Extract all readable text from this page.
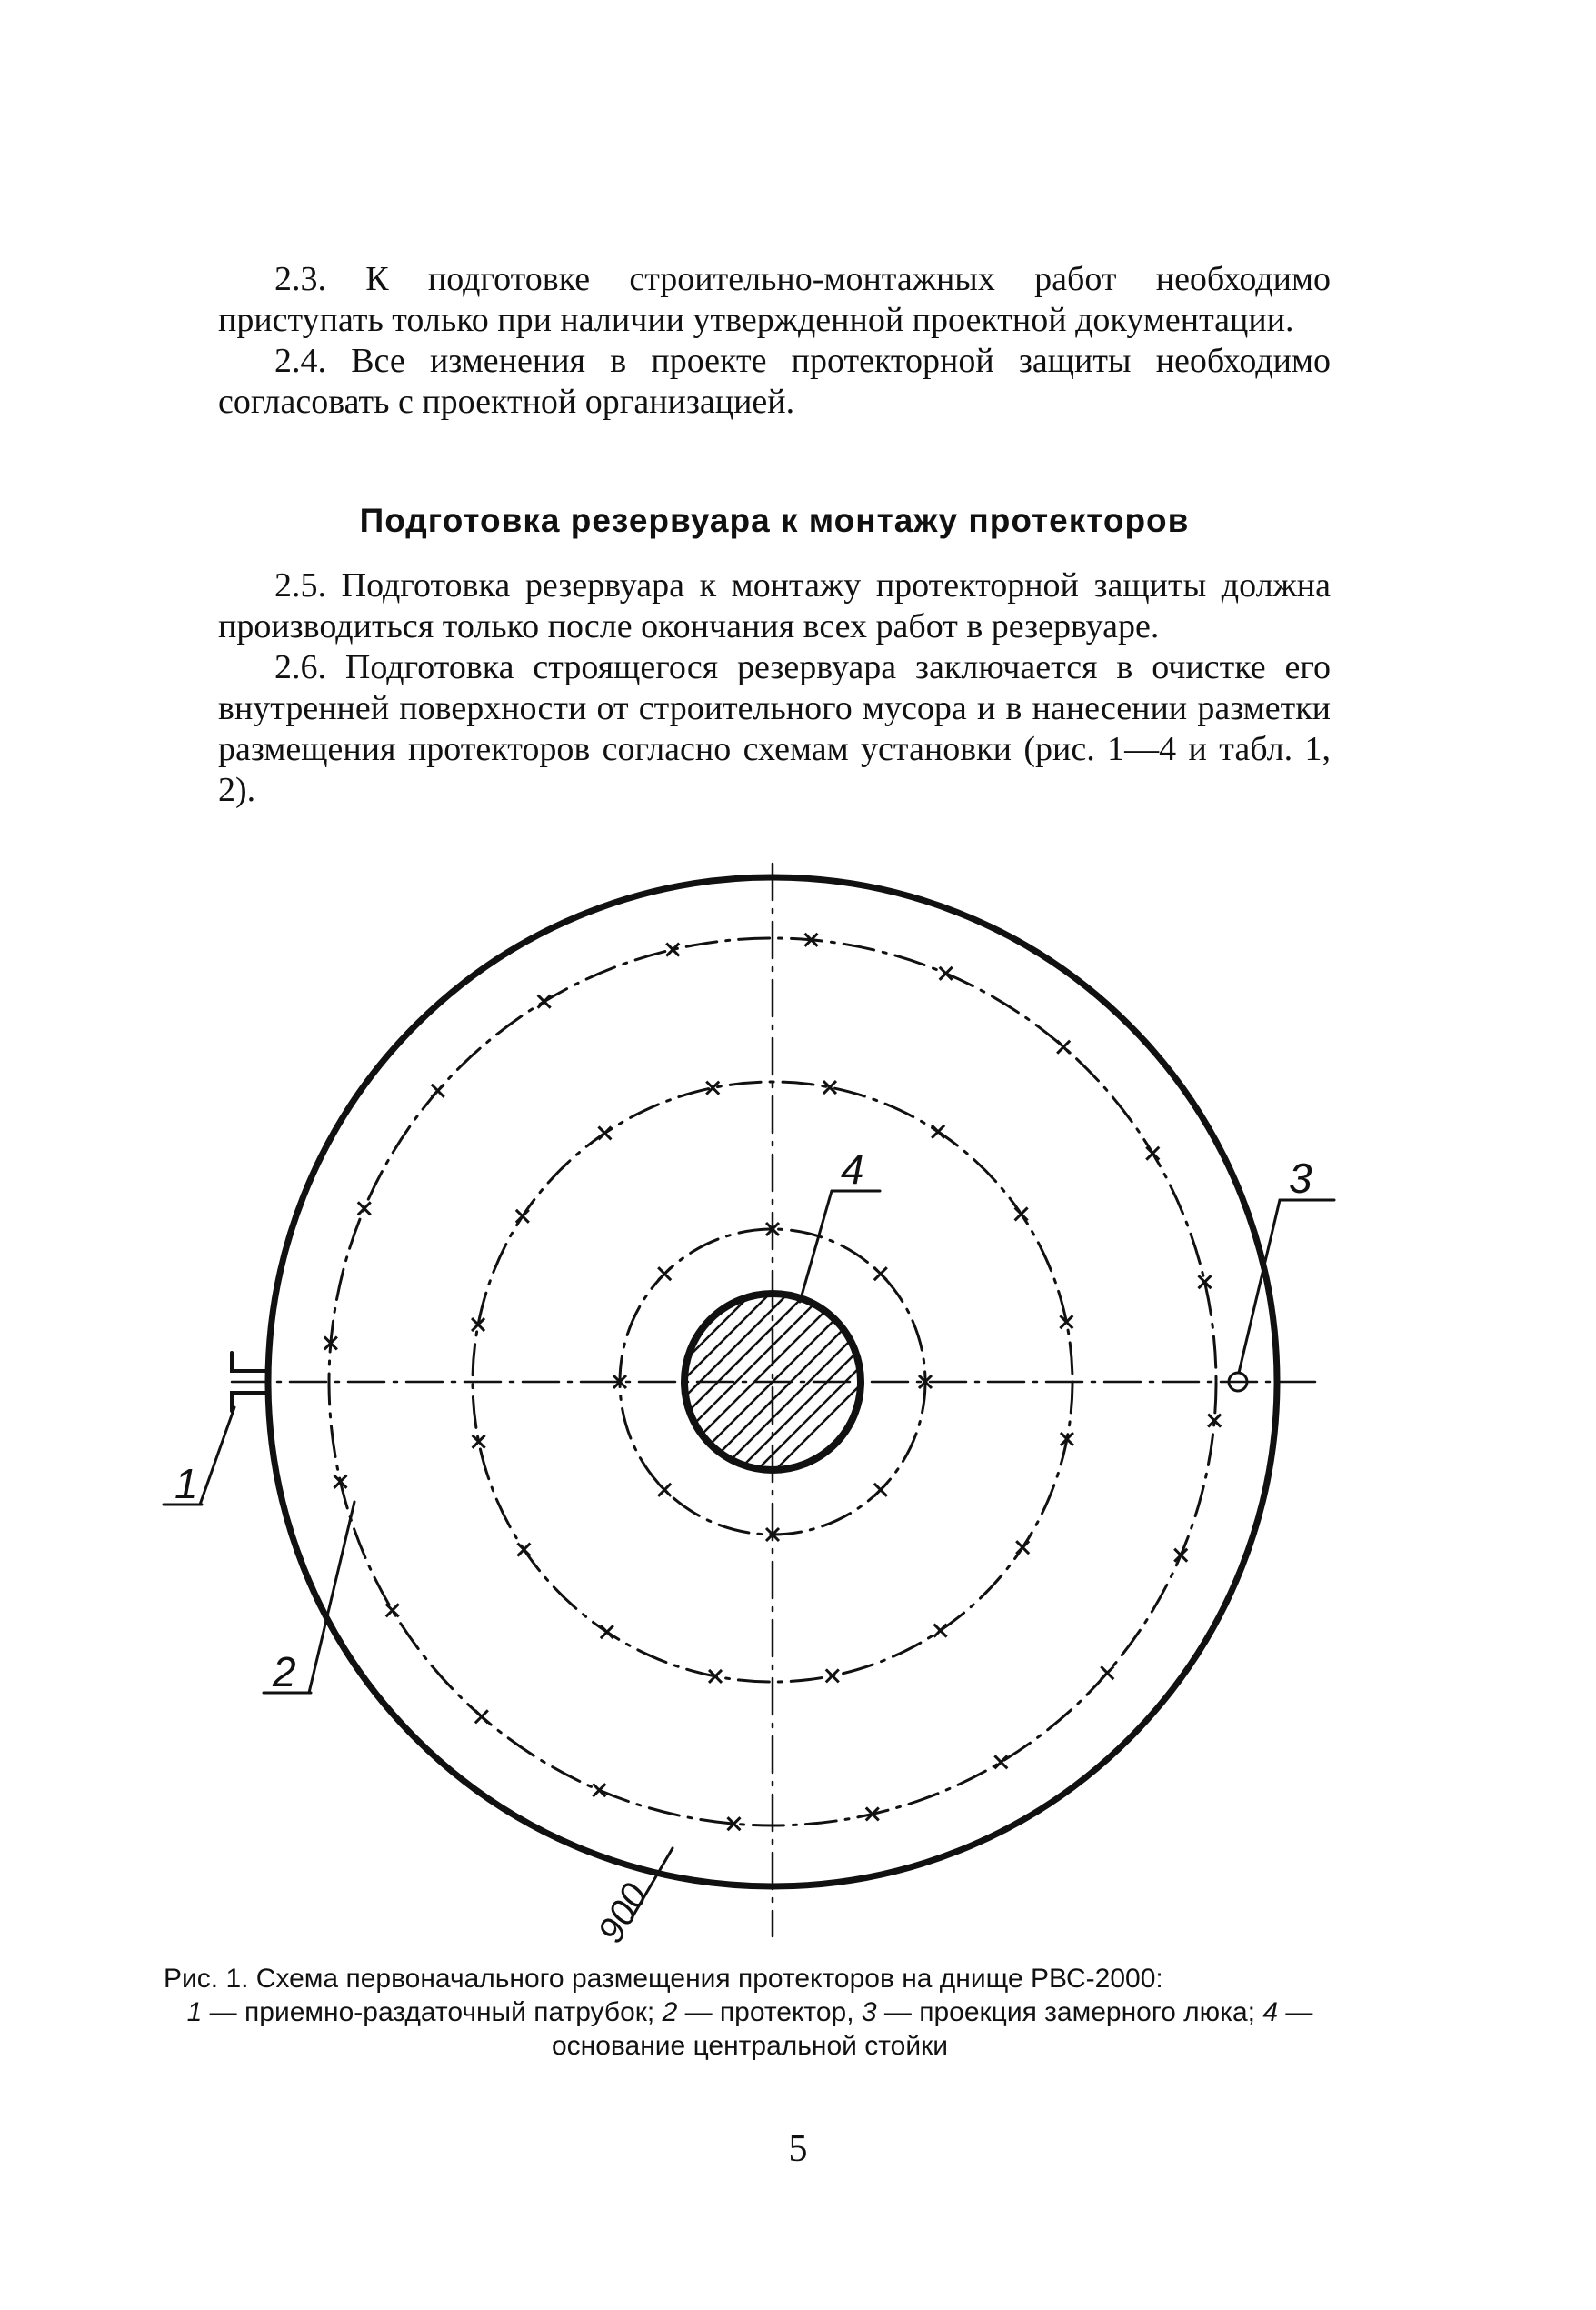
2.3. К подготовке строительно-монтажных работ необходимо приступать только при наличии утвержденной проектной документации.

2.4. Все изменения в проекте протекторной защиты необходимо согласовать с проектной организацией.

Подготовка резервуара к монтажу протекторов

2.5. Подготовка резервуара к монтажу протекторной защиты должна производиться только после окончания всех работ в резервуаре.

2.6. Подготовка строящегося резервуара заключается в очистке его внутренней поверхности от строительного мусора и в нанесении разметки размещения протекторов согласно схемам установки (рис. 1—4 и табл. 1, 2).

1
2
3
4
900
Рис. 1. Схема первоначального размещения протекторов на днище РВС-2000:
1 — приемно-раздаточный патрубок; 2 — протектор, 3 — проекция замерного люка; 4 — основание центральной стойки
5
